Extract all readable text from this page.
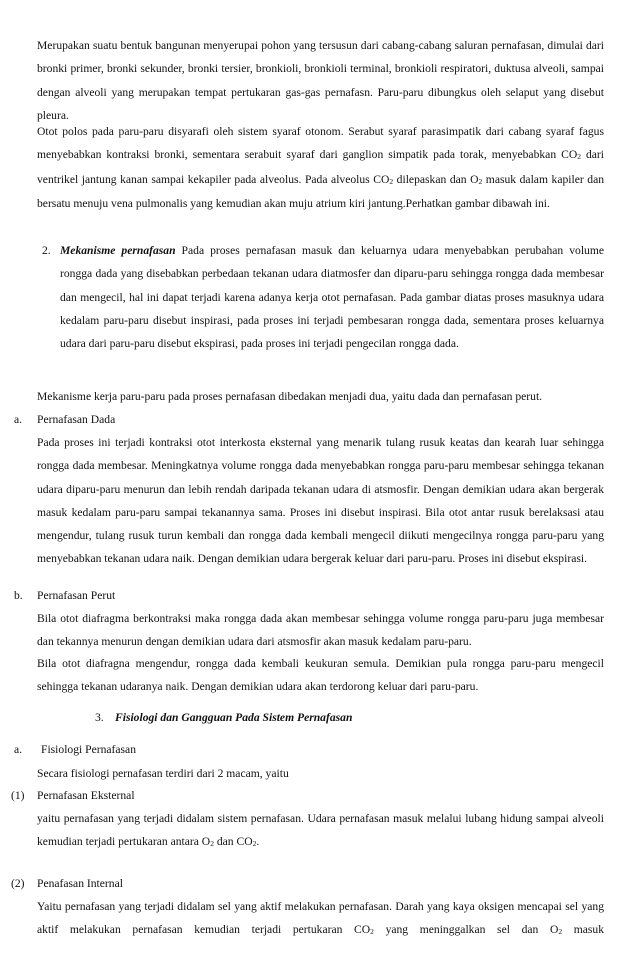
Merupakan suatu bentuk bangunan menyerupai pohon yang tersusun dari cabang-cabang saluran pernafasan, dimulai dari bronki primer, bronki sekunder, bronki tersier, bronkioli, bronkioli terminal, bronkioli respiratori, duktusa alveoli, sampai dengan alveoli yang merupakan tempat pertukaran gas-gas pernafasn. Paru-paru dibungkus oleh selaput yang disebut pleura.

Otot polos pada paru-paru disyarafi oleh sistem syaraf otonom. Serabut syaraf parasimpatik dari cabang syaraf fagus menyebabkan kontraksi bronki, sementara serabuit syaraf dari ganglion simpatik pada torak, menyebabkan $CO_2$ dari ventrikel jantung kanan sampai kekapiler pada alveolus. Pada alveolus $CO_2$ dilepaskan dan $O_2$ masuk dalam kapiler dan bersatu menuju vena pulmonalis yang kemudian akan muju atrium kiri jantung.Perhatkan gambar dibawah ini.

2. Mekanisme pernafasan Pada proses pernafasan masuk dan keluarnya udara menyebabkan perubahan volume rongga dada yang disebabkan perbedaan tekanan udara diatmosfer dan diparu-paru sehingga rongga dada membesar dan mengecil, hal ini dapat terjadi karena adanya kerja otot pernafasan. Pada gambar diatas proses masuknya udara kedalam paru-paru disebut inspirasi, pada proses ini terjadi pembesaran rongga dada, sementara proses keluarnya udara dari paru-paru disebut ekspirasi, pada proses ini terjadi pengecilan rongga dada.

Mekanisme kerja paru-paru pada proses pernafasan dibedakan menjadi dua, yaitu dada dan pernafasan perut.

a. Pernafasan Dada

Pada proses ini terjadi kontraksi otot interkosta eksternal yang menarik tulang rusuk keatas dan kearah luar sehingga rongga dada membesar. Meningkatnya volume rongga dada menyebabkan rongga paru-paru membesar sehingga tekanan udara diparu-paru menurun dan lebih rendah daripada tekanan udara di atsmosfir. Dengan demikian udara akan bergerak masuk kedalam paru-paru sampai tekanannya sama. Proses ini disebut inspirasi. Bila otot antar rusuk berelaksasi atau mengendur, tulang rusuk turun kembali dan rongga dada kembali mengecil diikuti mengecilnya rongga paru-paru yang menyebabkan tekanan udara naik. Dengan demikian udara bergerak keluar dari paru-paru. Proses ini disebut ekspirasi.

b. Pernafasan Perut

Bila otot diafragma berkontraksi maka rongga dada akan membesar sehingga volume rongga paru-paru juga membesar dan tekannya menurun dengan demikian udara dari atsmosfir akan masuk kedalam paru-paru.

Bila otot diafragna mengendur, rongga dada kembali keukuran semula. Demikian pula rongga paru-paru mengecil sehingga tekanan udaranya naik. Dengan demikian udara akan terdorong keluar dari paru-paru.

3. Fisiologi dan Gangguan Pada Sistem Pernafasan

a. Fisiologi Pernafasan

Secara fisiologi pernafasan terdiri dari 2 macam, yaitu

(1) Pernafasan Eksternal

yaitu pernafasan yang terjadi didalam sistem pernafasan. Udara pernafasan masuk melalui lubang hidung sampai alveoli kemudian terjadi pertukaran antara $O_2$ dan $CO_2$.

(2) Penafasan Internal

Yaitu pernafasan yang terjadi didalam sel yang aktif melakukan pernafasan. Darah yang kaya oksigen mencapai sel yang aktif melakukan pernafasan kemudian terjadi pertukaran $CO_2$ yang meninggalkan sel dan $O_2$ masuk
